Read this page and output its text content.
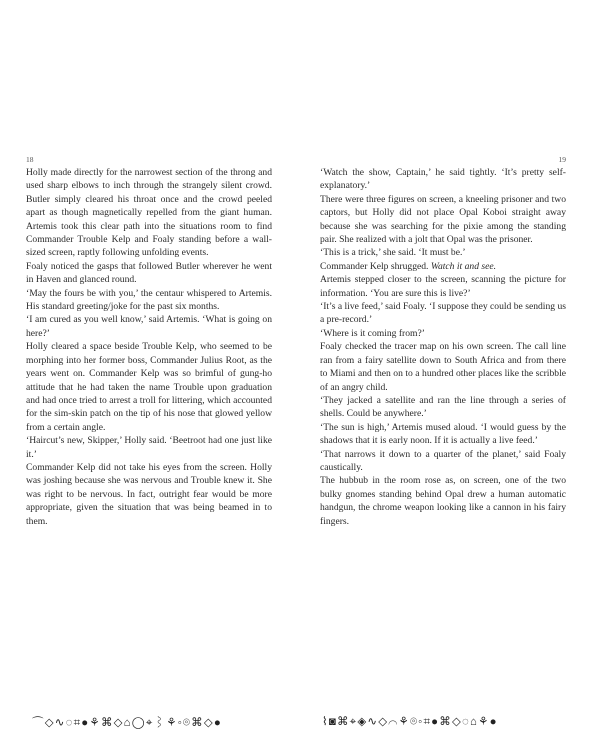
18

Holly made directly for the narrowest section of the throng and used sharp elbows to inch through the strangely silent crowd. Butler simply cleared his throat once and the crowd peeled apart as though magnetically repelled from the giant human. Artemis took this clear path into the situations room to find Commander Trouble Kelp and Foaly standing before a wall-sized screen, raptly following unfolding events.

Foaly noticed the gasps that followed Butler wherever he went in Haven and glanced round.

‘May the fours be with you,’ the centaur whispered to Artemis. His standard greeting/joke for the past six months.

‘I am cured as you well know,’ said Artemis. ‘What is going on here?’

Holly cleared a space beside Trouble Kelp, who seemed to be morphing into her former boss, Commander Julius Root, as the years went on. Commander Kelp was so brimful of gung-ho attitude that he had taken the name Trouble upon graduation and had once tried to arrest a troll for littering, which accounted for the sim-skin patch on the tip of his nose that glowed yellow from a certain angle.

‘Haircut’s new, Skipper,’ Holly said. ‘Beetroot had one just like it.’

Commander Kelp did not take his eyes from the screen. Holly was joshing because she was nervous and Trouble knew it. She was right to be nervous. In fact, outright fear would be more appropriate, given the situation that was being beamed in to them.

⌒◇∿◌⌗●⚘⌘◇⌂◯⌖⌇⚘◦⌾⌘◇●
19

‘Watch the show, Captain,’ he said tightly. ‘It’s pretty self-explanatory.’

There were three figures on screen, a kneeling prisoner and two captors, but Holly did not place Opal Koboi straight away because she was searching for the pixie among the standing pair. She realized with a jolt that Opal was the prisoner.

‘This is a trick,’ she said. ‘It must be.’

Commander Kelp shrugged. Watch it and see.

Artemis stepped closer to the screen, scanning the picture for information. ‘You are sure this is live?’

‘It’s a live feed,’ said Foaly. ‘I suppose they could be sending us a pre-record.’

‘Where is it coming from?’

Foaly checked the tracer map on his own screen. The call line ran from a fairy satellite down to South Africa and from there to Miami and then on to a hundred other places like the scribble of an angry child.

‘They jacked a satellite and ran the line through a series of shells. Could be anywhere.’

‘The sun is high,’ Artemis mused aloud. ‘I would guess by the shadows that it is early noon. If it is actually a live feed.’

‘That narrows it down to a quarter of the planet,’ said Foaly caustically.

The hubbub in the room rose as, on screen, one of the two bulky gnomes standing behind Opal drew a human automatic handgun, the chrome weapon looking like a cannon in his fairy fingers.

⌇◙⌘⌖◈∿◇⌒⚘⌾◦⌗●⌘◇◌⌂⚘●
